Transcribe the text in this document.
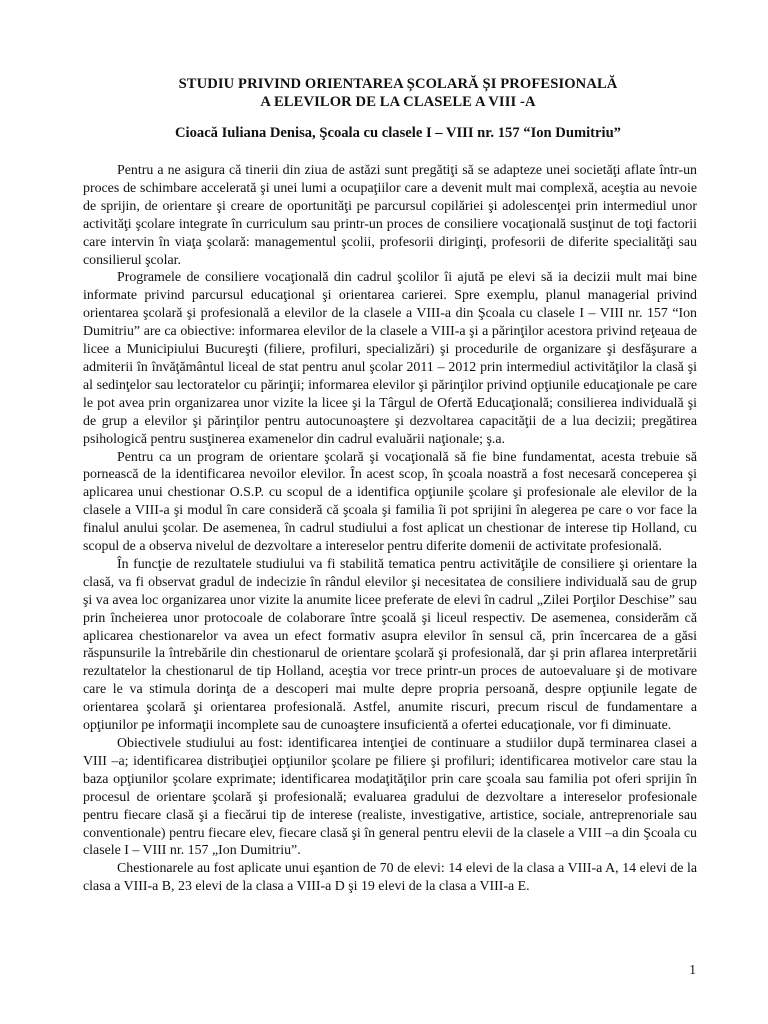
STUDIU PRIVIND ORIENTAREA ȘCOLARĂ ȘI PROFESIONALĂ
A ELEVILOR DE LA CLASELE A VIII -A
Cioacă Iuliana Denisa, Şcoala cu clasele I – VIII nr. 157 “Ion Dumitriu”

Pentru a ne asigura că tinerii din ziua de astăzi sunt pregătiţi să se adapteze unei societăţi aflate într-un proces de schimbare accelerată şi unei lumi a ocupaţiilor care a devenit mult mai complexă, aceştia au nevoie de sprijin, de orientare şi creare de oportunităţi pe parcursul copilăriei şi adolescenţei prin intermediul unor activităţi şcolare integrate în curriculum sau printr-un proces de consiliere vocaţională susţinut de toţi factorii care intervin în viaţa şcolară: managementul şcolii, profesorii diriginţi, profesorii de diferite specialităţi sau consilierul şcolar.

Programele de consiliere vocaţională din cadrul şcolilor îi ajută pe elevi să ia decizii mult mai bine informate privind parcursul educaţional şi orientarea carierei. Spre exemplu, planul managerial privind orientarea şcolară şi profesională a elevilor de la clasele a VIII-a din Şcoala cu clasele I – VIII nr. 157 “Ion Dumitriu” are ca obiective: informarea elevilor de la clasele a VIII-a şi a părinţilor acestora privind reţeaua de licee a Municipiului Bucureşti (filiere, profiluri, specializări) şi procedurile de organizare şi desfăşurare a admiterii în învăţământul liceal de stat pentru anul şcolar 2011 – 2012 prin intermediul activităţilor la clasă şi al sedinţelor sau lectoratelor cu părinţii; informarea elevilor şi părinţilor privind opţiunile educaţionale pe care le pot avea prin organizarea unor vizite la licee şi la Târgul de Ofertă Educaţională; consilierea individuală şi de grup a elevilor şi părinţilor pentru autocunoaştere şi dezvoltarea capacităţii de a lua decizii; pregătirea psihologică pentru susţinerea examenelor din cadrul evaluării naţionale; ş.a.

Pentru ca un program de orientare şcolară şi vocaţională să fie bine fundamentat, acesta trebuie să pornească de la identificarea nevoilor elevilor. În acest scop, în şcoala noastră a fost necesară conceperea şi aplicarea unui chestionar O.S.P. cu scopul de a identifica opţiunile şcolare şi profesionale ale elevilor de la clasele a VIII-a şi modul în care consideră că şcoala şi familia îi pot sprijini în alegerea pe care o vor face la finalul anului şcolar. De asemenea, în cadrul studiului a fost aplicat un chestionar de interese tip Holland, cu scopul de a observa nivelul de dezvoltare a intereselor pentru diferite domenii de activitate profesională.

În funcţie de rezultatele studiului va fi stabilită tematica pentru activităţile de consiliere şi orientare la clasă, va fi observat gradul de indecizie în rândul elevilor şi necesitatea de consiliere individuală sau de grup şi va avea loc organizarea unor vizite la anumite licee preferate de elevi în cadrul „Zilei Porţilor Deschise” sau prin încheierea unor protocoale de colaborare între şcoală şi liceul respectiv. De asemenea, considerăm că aplicarea chestionarelor va avea un efect formativ asupra elevilor în sensul că, prin încercarea de a găsi răspunsurile la întrebările din chestionarul de orientare şcolară şi profesională, dar şi prin aflarea interpretării rezultatelor la chestionarul de tip Holland, aceştia vor trece printr-un proces de autoevaluare şi de motivare care le va stimula dorinţa de a descoperi mai multe depre propria persoană, despre opţiunile legate de orientarea şcolară şi orientarea profesională. Astfel, anumite riscuri, precum riscul de fundamentare a opţiunilor pe informaţii incomplete sau de cunoaştere insuficientă a ofertei educaţionale, vor fi diminuate.

Obiectivele studiului au fost: identificarea intenţiei de continuare a studiilor după terminarea clasei a VIII –a; identificarea distribuţiei opţiunilor şcolare pe filiere şi profiluri; identificarea motivelor care stau la baza opţiunilor şcolare exprimate; identificarea modaţităţilor prin care şcoala sau familia pot oferi sprijin în procesul de orientare şcolară şi profesională; evaluarea gradului de dezvoltare a intereselor profesionale pentru fiecare clasă şi a fiecărui tip de interese (realiste, investigative, artistice, sociale, antreprenoriale sau conventionale) pentru fiecare elev, fiecare clasă şi în general pentru elevii de la clasele a VIII –a din Şcoala cu clasele I – VIII nr. 157 „Ion Dumitriu”.

Chestionarele au fost aplicate unui eşantion de 70 de elevi: 14 elevi de la clasa a VIII-a A, 14 elevi de la clasa a VIII-a B, 23 elevi de la clasa a VIII-a D şi 19 elevi de la clasa a VIII-a E.

1
